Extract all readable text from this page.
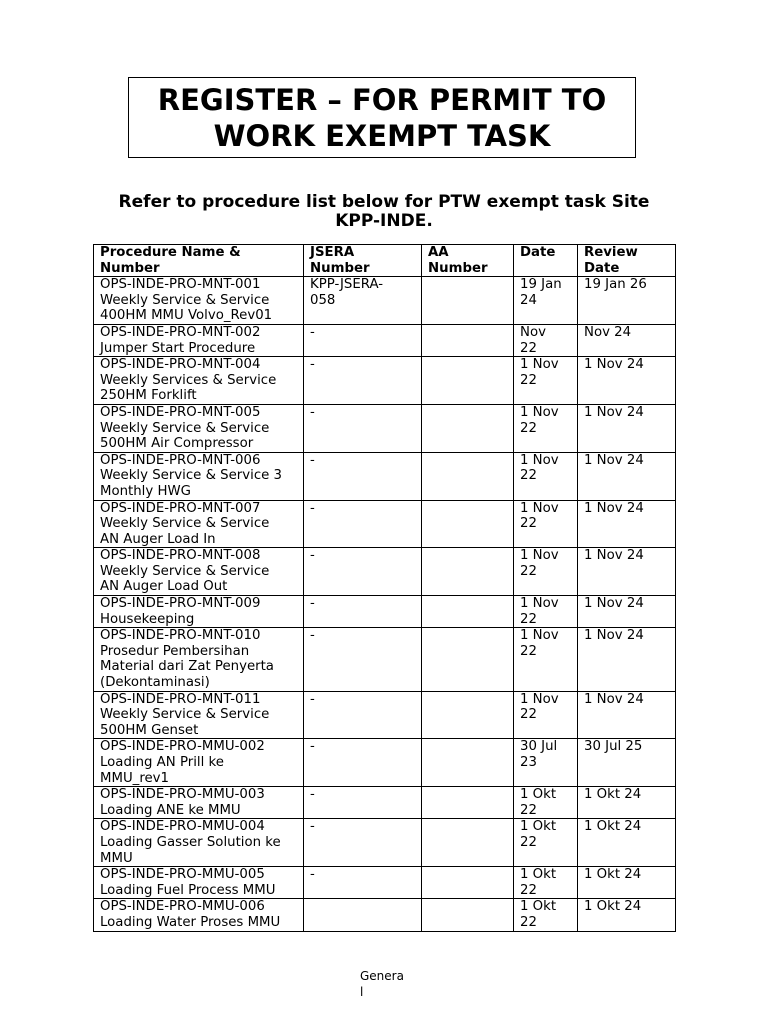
REGISTER – FOR PERMIT TO
WORK EXEMPT TASK
Refer to procedure list below for PTW exempt task Site
KPP-INDE.
Procedure Name &
Number	JSERA
Number	AA
Number	Date	Review
Date
OPS-INDE-PRO-MNT-001
Weekly Service & Service
400HM MMU Volvo_Rev01	KPP-JSERA-
058		19 Jan
24	19 Jan 26
OPS-INDE-PRO-MNT-002
Jumper Start Procedure	-		Nov
22	Nov 24
OPS-INDE-PRO-MNT-004
Weekly Services & Service
250HM Forklift	-		1 Nov
22	1 Nov 24
OPS-INDE-PRO-MNT-005
Weekly Service & Service
500HM Air Compressor	-		1 Nov
22	1 Nov 24
OPS-INDE-PRO-MNT-006
Weekly Service & Service 3
Monthly HWG	-		1 Nov
22	1 Nov 24
OPS-INDE-PRO-MNT-007
Weekly Service & Service
AN Auger Load In	-		1 Nov
22	1 Nov 24
OPS-INDE-PRO-MNT-008
Weekly Service & Service
AN Auger Load Out	-		1 Nov
22	1 Nov 24
OPS-INDE-PRO-MNT-009
Housekeeping	-		1 Nov
22	1 Nov 24
OPS-INDE-PRO-MNT-010
Prosedur Pembersihan
Material dari Zat Penyerta
(Dekontaminasi)	-		1 Nov
22	1 Nov 24
OPS-INDE-PRO-MNT-011
Weekly Service & Service
500HM Genset	-		1 Nov
22	1 Nov 24
OPS-INDE-PRO-MMU-002
Loading AN Prill ke
MMU_rev1	-		30 Jul
23	30 Jul 25
OPS-INDE-PRO-MMU-003
Loading ANE ke MMU	-		1 Okt
22	1 Okt 24
OPS-INDE-PRO-MMU-004
Loading Gasser Solution ke
MMU	-		1 Okt
22	1 Okt 24
OPS-INDE-PRO-MMU-005
Loading Fuel Process MMU	-		1 Okt
22	1 Okt 24
OPS-INDE-PRO-MMU-006
Loading Water Proses MMU			1 Okt
22	1 Okt 24
Genera
l
